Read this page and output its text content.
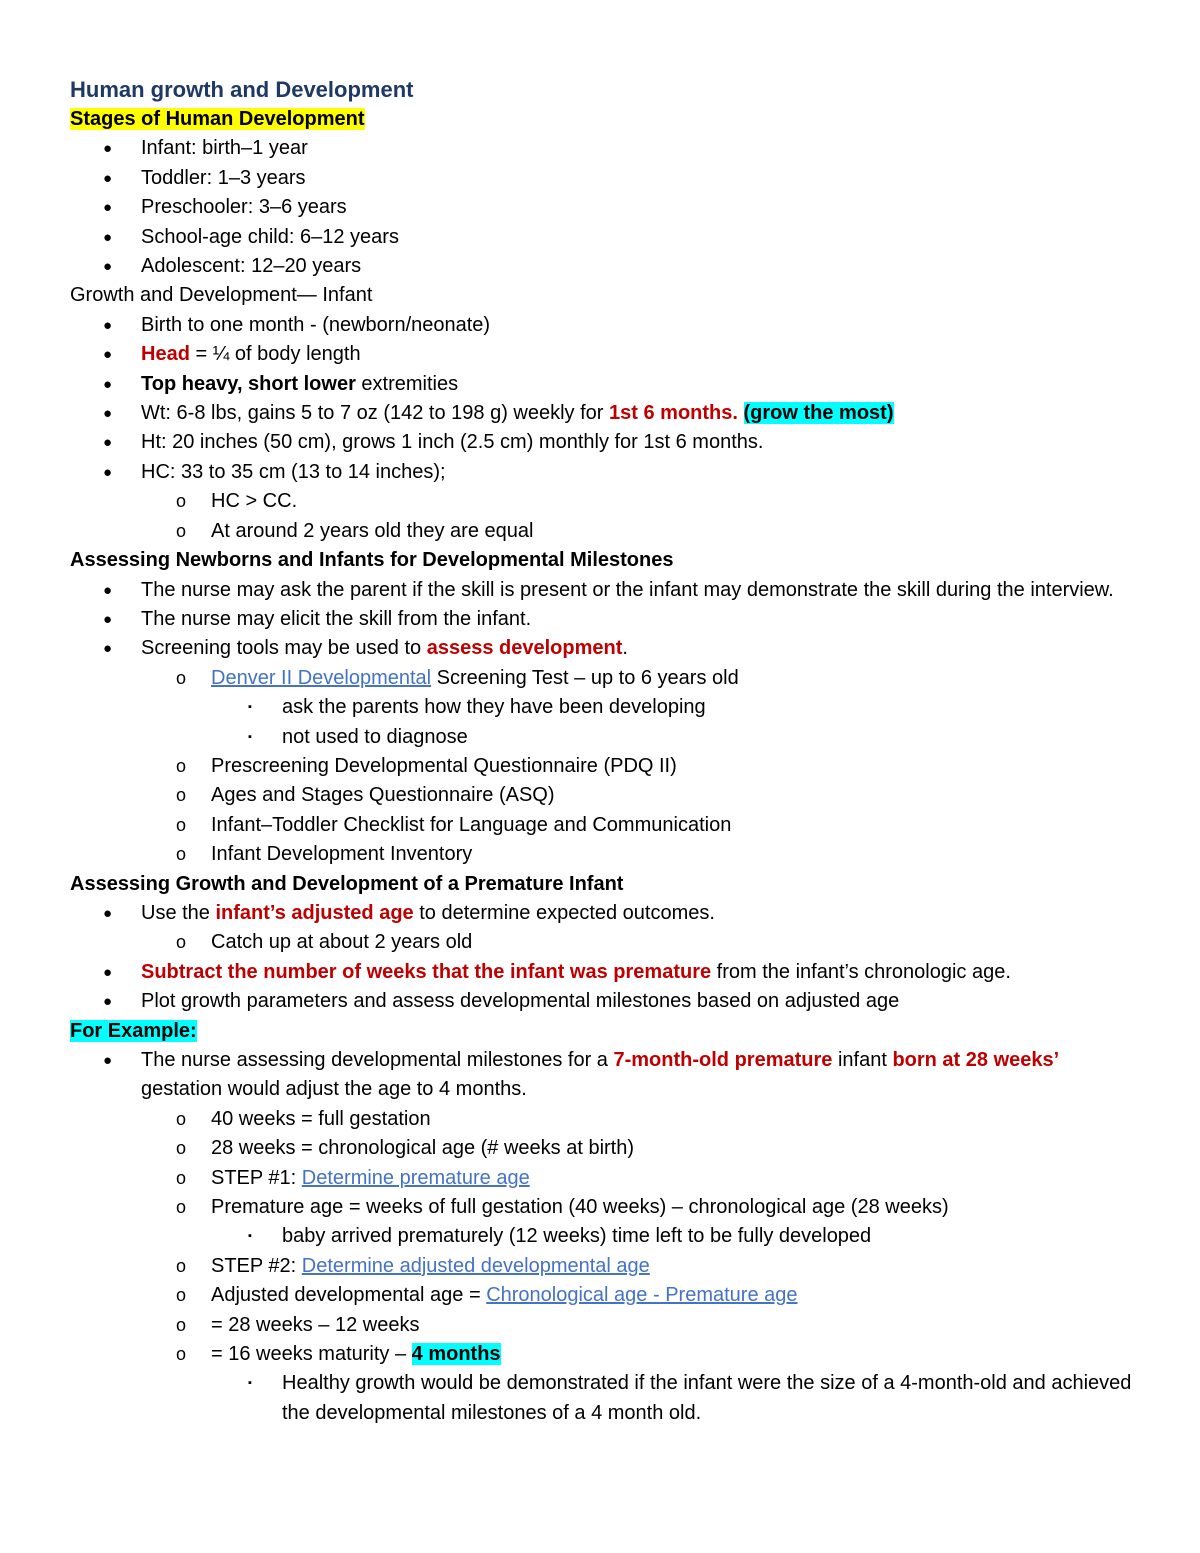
Human growth and Development
Stages of Human Development
● Infant: birth–1 year
● Toddler: 1–3 years
● Preschooler: 3–6 years
● School-age child: 6–12 years
● Adolescent: 12–20 years
Growth and Development— Infant
● Birth to one month - (newborn/neonate)
● Head = ¼ of body length
● Top heavy, short lower extremities
● Wt: 6-8 lbs, gains 5 to 7 oz (142 to 198 g) weekly for 1st 6 months. (grow the most)
● Ht: 20 inches (50 cm), grows 1 inch (2.5 cm) monthly for 1st 6 months.
● HC: 33 to 35 cm (13 to 14 inches);
o HC > CC.
o At around 2 years old they are equal
Assessing Newborns and Infants for Developmental Milestones
● The nurse may ask the parent if the skill is present or the infant may demonstrate the skill during the interview.
● The nurse may elicit the skill from the infant.
● Screening tools may be used to assess development.
o Denver II Developmental Screening Test – up to 6 years old
▪ ask the parents how they have been developing
▪ not used to diagnose
o Prescreening Developmental Questionnaire (PDQ II)
o Ages and Stages Questionnaire (ASQ)
o Infant–Toddler Checklist for Language and Communication
o Infant Development Inventory
Assessing Growth and Development of a Premature Infant
● Use the infant’s adjusted age to determine expected outcomes.
o Catch up at about 2 years old
● Subtract the number of weeks that the infant was premature from the infant’s chronologic age.
● Plot growth parameters and assess developmental milestones based on adjusted age
For Example:
● The nurse assessing developmental milestones for a 7-month-old premature infant born at 28 weeks’ gestation would adjust the age to 4 months.
o 40 weeks = full gestation
o 28 weeks = chronological age (# weeks at birth)
o STEP #1: Determine premature age
o Premature age = weeks of full gestation (40 weeks) – chronological age (28 weeks)
▪ baby arrived prematurely (12 weeks) time left to be fully developed
o STEP #2: Determine adjusted developmental age
o Adjusted developmental age = Chronological age - Premature age
o = 28 weeks – 12 weeks
o = 16 weeks maturity – 4 months
▪ Healthy growth would be demonstrated if the infant were the size of a 4-month-old and achieved the developmental milestones of a 4 month old.
